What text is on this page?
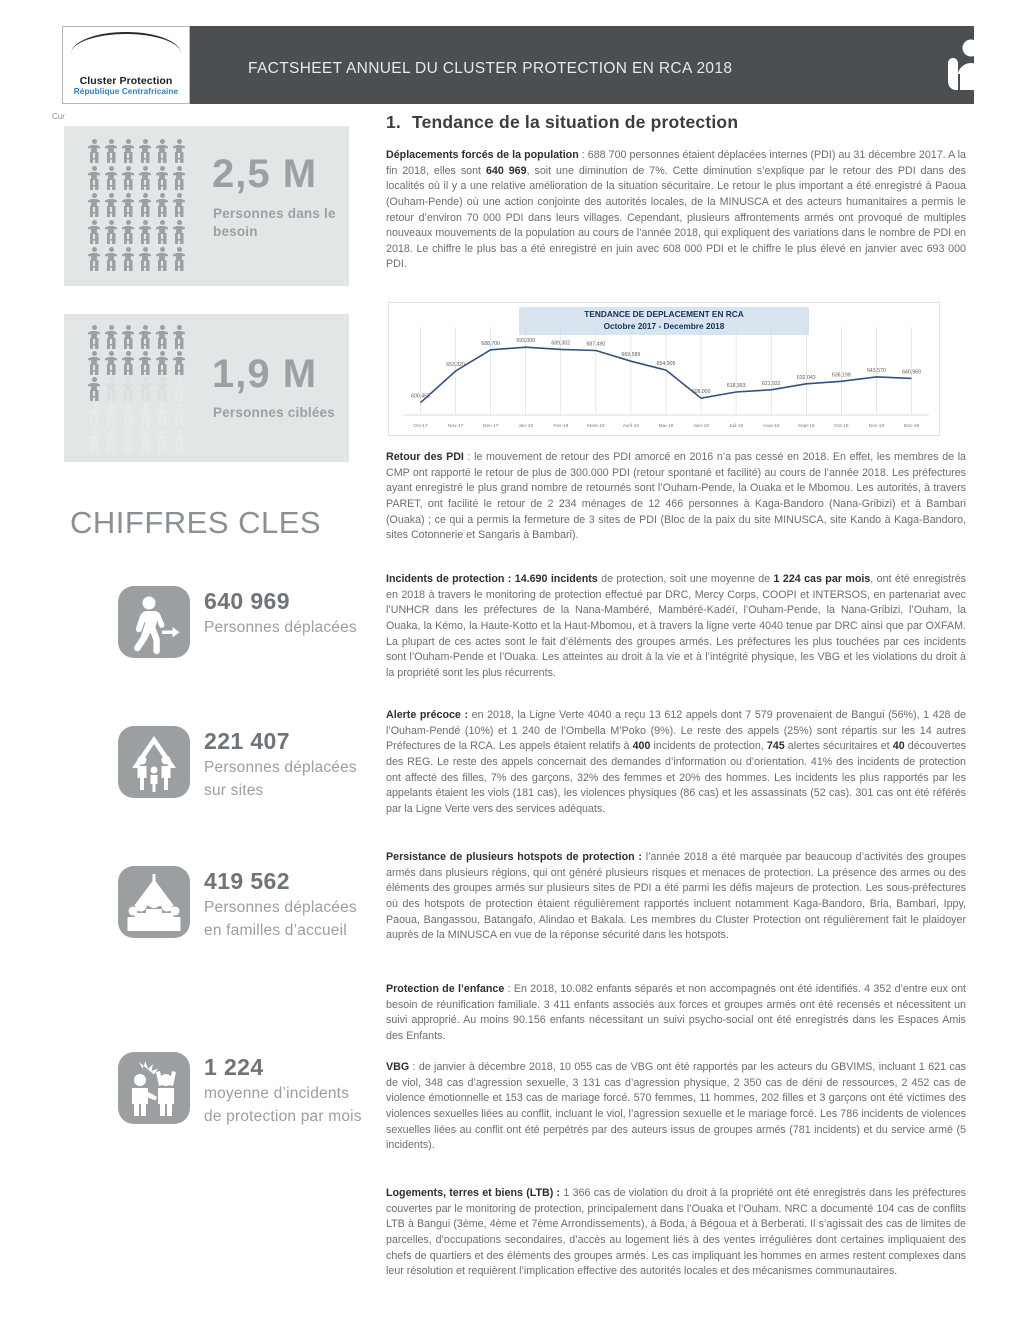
Cluster Protection
République Centrafricaine
FACTSHEET ANNUEL DU CLUSTER PROTECTION EN RCA 2018
Cur
2,5 M
Personnes dans le besoin
1,9 M
Personnes ciblées
CHIFFRES CLES
640 969
Personnes déplacées
221 407
Personnes déplacées sur sites
419 562
Personnes déplacées en familles d’accueil
1 224
moyenne d’incidents de protection par mois
1. Tendance de la situation de protection
Déplacements forcés de la population : 688 700 personnes étaient déplacées internes (PDI) au 31 décembre 2017. A la fin 2018, elles sont 640 969, soit une diminution de 7%. Cette diminution s’explique par le retour des PDI dans des localités où il y a une relative amélioration de la situation sécuritaire. Le retour le plus important a été enregistré à Paoua (Ouham-Pende) où une action conjointe des autorités locales, de la MINUSCA et des acteurs humanitaires a permis le retour d’environ 70 000 PDI dans leurs villages. Cependant, plusieurs affrontements armés ont provoqué de multiples nouveaux mouvements de la population au cours de l’année 2018, qui expliquent des variations dans le nombre de PDI en 2018. Le chiffre le plus bas a été enregistré en juin avec 608 000 PDI et le chiffre le plus élevé en janvier avec 693 000 PDI.
TENDANCE DE DEPLACEMENT EN RCA
Octobre 2017 - Decembre 2018
600,453
653,320
688,700	693,000	689,302	687,490
669,589
654,905
608,000
618,393	621,932
632,043	636,199
643,570	640,969
Oct-17	Nov-17	Dec-17	Jan-18	Fev-18	Mars-18	Avril-18	Mai-18	Juin-18	Juil-18	Aout-18	Sept-18	Oct-18	Nov-18	Dec-18
Retour des PDI : le mouvement de retour des PDI amorcé en 2016 n’a pas cessé en 2018. En effet, les membres de la CMP ont rapporté le retour de plus de 300.000 PDI (retour spontané et facilité) au cours de l’année 2018. Les préfectures ayant enregistré le plus grand nombre de retournés sont l’Ouham-Pende, la Ouaka et le Mbomou. Les autorités, à travers PARET, ont facilité le retour de 2 234 ménages de 12 466 personnes à Kaga-Bandoro (Nana-Gribizi) et à Bambari (Ouaka) ; ce qui a permis la fermeture de 3 sites de PDI (Bloc de la paix du site MINUSCA, site Kando à Kaga-Bandoro, sites Cotonnerie et Sangaris à Bambari).
Incidents de protection : 14.690 incidents de protection, soit une moyenne de 1 224 cas par mois, ont été enregistrés en 2018 à travers le monitoring de protection effectué par DRC, Mercy Corps, COOPI et INTERSOS, en partenariat avec l’UNHCR dans les préfectures de la Nana-Mambéré, Mambéré-Kadéï, l’Ouham-Pende, la Nana-Gribizi, l’Ouham, la Ouaka, la Kémo, la Haute-Kotto et la Haut-Mbomou, et à travers la ligne verte 4040 tenue par DRC ainsi que par OXFAM. La plupart de ces actes sont le fait d’éléments des groupes armés. Les préfectures les plus touchées par ces incidents sont l’Ouham-Pende et l’Ouaka. Les atteintes au droit à la vie et à l’intégrité physique, les VBG et les violations du droit à la propriété sont les plus récurrents.
Alerte précoce : en 2018, la Ligne Verte 4040 a reçu 13 612 appels dont 7 579 provenaient de Bangui (56%), 1 428 de l’Ouham-Pendé (10%) et 1 240 de l’Ombella M’Poko (9%). Le reste des appels (25%) sont répartis sur les 14 autres Préfectures de la RCA. Les appels étaient relatifs à 400 incidents de protection, 745 alertes sécuritaires et 40 découvertes des REG. Le reste des appels concernait des demandes d’information ou d’orientation. 41% des incidents de protection ont affecté des filles, 7% des garçons, 32% des femmes et 20% des hommes. Les incidents les plus rapportés par les appelants étaient les viols (181 cas), les violences physiques (86 cas) et les assassinats (52 cas). 301 cas ont été référés par la Ligne Verte vers des services adéquats.
Persistance de plusieurs hotspots de protection : l’année 2018 a été marquée par beaucoup d’activités des groupes armés dans plusieurs régions, qui ont généré plusieurs risques et menaces de protection. La présence des armes ou des éléments des groupes armés sur plusieurs sites de PDI a été parmi les défis majeurs de protection. Les sous-préfectures où des hotspots de protection étaient régulièrement rapportés incluent notamment Kaga-Bandoro, Bria, Bambari, Ippy, Paoua, Bangassou, Batangafo, Alindao et Bakala. Les membres du Cluster Protection ont régulièrement fait le plaidoyer auprès de la MINUSCA en vue de la réponse sécurité dans les hotspots.
Protection de l’enfance : En 2018, 10.082 enfants séparés et non accompagnés ont été identifiés. 4 352 d’entre eux ont besoin de réunification familiale. 3 411 enfants associés aux forces et groupes armés ont été recensés et nécessitent un suivi approprié. Au moins 90.156 enfants nécessitant un suivi psycho-social ont été enregistrés dans les Espaces Amis des Enfants.
VBG : de janvier à décembre 2018, 10 055 cas de VBG ont été rapportés par les acteurs du GBVIMS, incluant 1 621 cas de viol, 348 cas d’agression sexuelle, 3 131 cas d’agression physique, 2 350 cas de déni de ressources, 2 452 cas de violence émotionnelle et 153 cas de mariage forcé. 570 femmes, 11 hommes, 202 filles et 3 garçons ont été victimes des violences sexuelles liées au conflit, incluant le viol, l’agression sexuelle et le mariage forcé. Les 786 incidents de violences sexuelles liées au conflit ont été perpétrés par des auteurs issus de groupes armés (781 incidents) et du service armé (5 incidents).
Logements, terres et biens (LTB) : 1 366 cas de violation du droit à la propriété ont été enregistrés dans les préfectures couvertes par le monitoring de protection, principalement dans l’Ouaka et l’Ouham. NRC a documenté 104 cas de conflits LTB à Bangui (3ème, 4ème et 7ème Arrondissements), à Boda, à Bégoua et à Berberati. Il s’agissait des cas de limites de parcelles, d’occupations secondaires, d’accès au logement liés à des ventes irrégulières dont certaines impliquaient des chefs de quartiers et des éléments des groupes armés. Les cas impliquant les hommes en armes restent complexes dans leur résolution et requièrent l’implication effective des autorités locales et des mécanismes communautaires.
